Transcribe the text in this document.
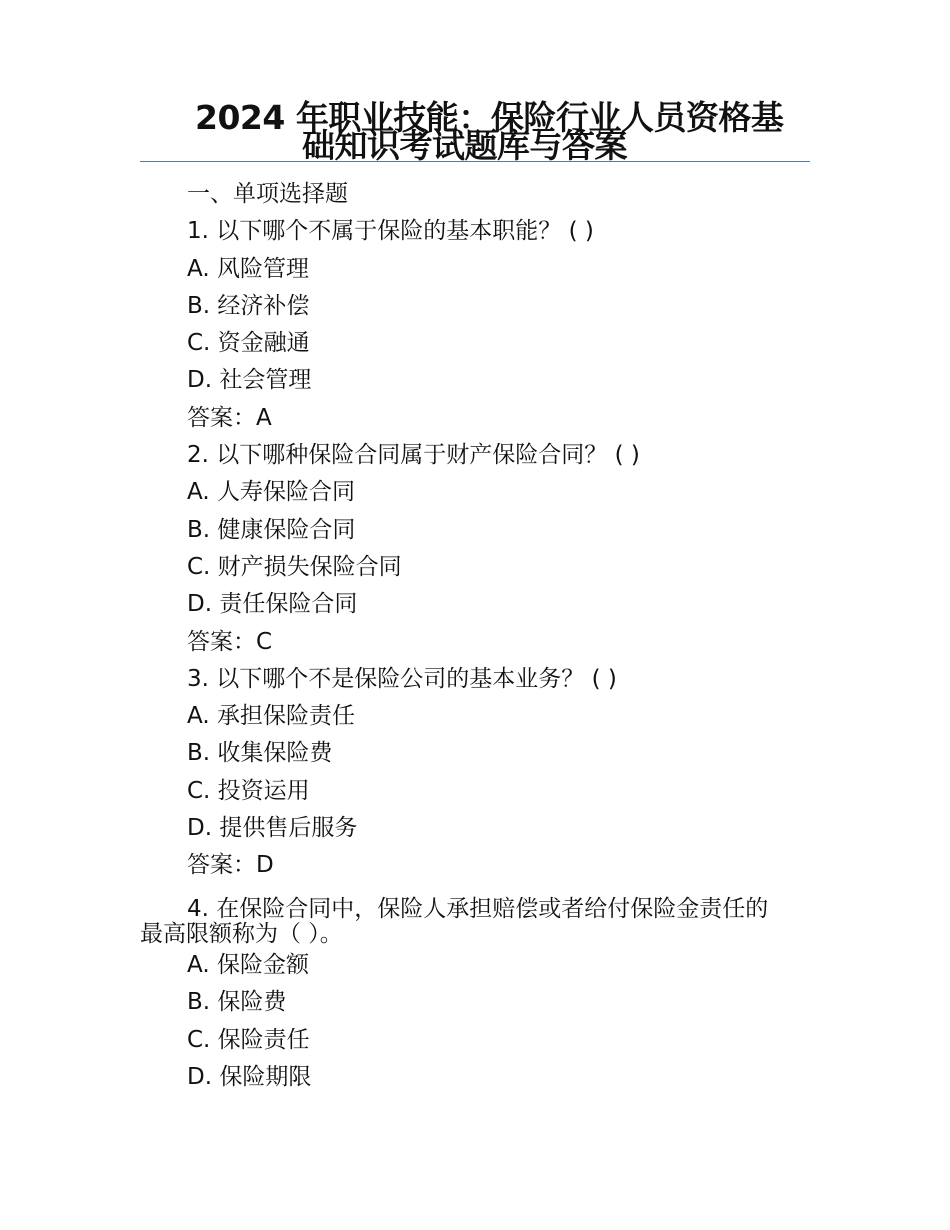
2024 年职业技能：保险行业人员资格基
础知识考试题库与答案
一、单项选择题
1. 以下哪个不属于保险的基本职能？ ( )
A. 风险管理
B. 经济补偿
C. 资金融通
D. 社会管理
答案：A
2. 以下哪种保险合同属于财产保险合同？ ( )
A. 人寿保险合同
B. 健康保险合同
C. 财产损失保险合同
D. 责任保险合同
答案：C
3. 以下哪个不是保险公司的基本业务？ ( )
A. 承担保险责任
B. 收集保险费
C. 投资运用
D. 提供售后服务
答案：D
4. 在保险合同中，保险人承担赔偿或者给付保险金责任的
最高限额称为（ ）。
A. 保险金额
B. 保险费
C. 保险责任
D. 保险期限
